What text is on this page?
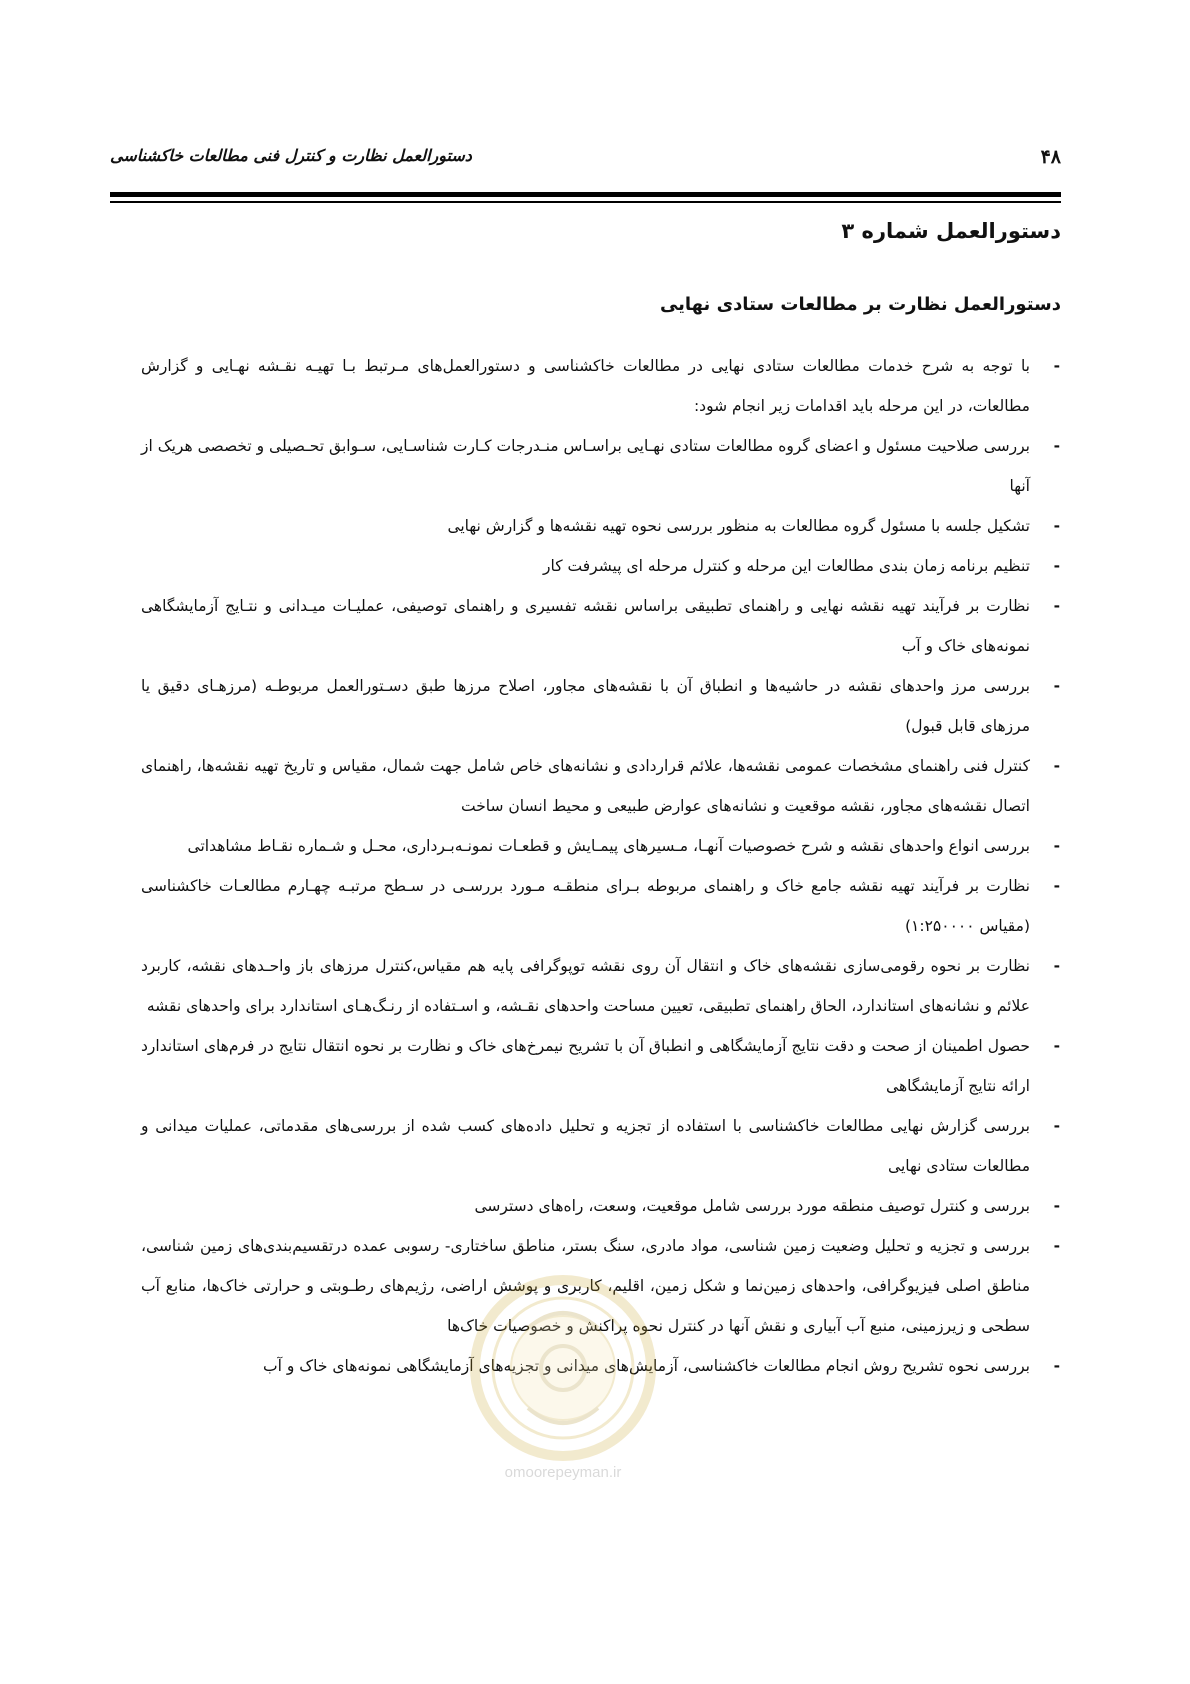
۴۸
دستورالعمل نظارت و کنترل فنی مطالعات خاکشناسی
دستورالعمل شماره ۳
دستورالعمل نظارت بر مطالعات ستادی نهایی
-
با توجه به شرح خدمات مطالعات ستادی نهایی در مطالعات خاکشناسی و دستورالعمل‌های مـرتبط بـا تهیـه نقـشه نهـایی و گزارش مطالعات، در این مرحله باید اقدامات زیر انجام شود:
-
بررسی صلاحیت مسئول و اعضای گروه مطالعات ستادی نهـایی براسـاس منـدرجات کـارت شناسـایی، سـوابق تحـصیلی و تخصصی هریک از آنها
-
تشکیل جلسه با مسئول گروه مطالعات به منظور بررسی نحوه تهیه نقشه‌ها و گزارش نهایی
-
تنظیم برنامه زمان بندی مطالعات این مرحله و کنترل مرحله ای پیشرفت کار
-
نظارت بر فرآیند تهیه نقشه نهایی و راهنمای تطبیقی براساس نقشه تفسیری و راهنمای توصیفی، عملیـات میـدانی و نتـایج آزمایشگاهی نمونه‌های خاک و آب
-
بررسی مرز واحدهای نقشه در حاشیه‌ها و انطباق آن با نقشه‌های مجاور، اصلاح مرزها طبق دسـتورالعمل مربوطـه (مرزهـای دقیق یا مرزهای قابل قبول)
-
کنترل فنی راهنمای مشخصات عمومی نقشه‌ها، علائم قراردادی و نشانه‌های خاص شامل جهت شمال، مقیاس و تاریخ تهیه نقشه‌ها، راهنمای اتصال نقشه‌های مجاور، نقشه موقعیت و نشانه‌های عوارض طبیعی و محیط انسان ساخت
-
بررسی انواع واحدهای نقشه و شرح خصوصیات آنهـا، مـسیرهای پیمـایش و قطعـات نمونـه‌بـرداری، محـل و شـماره نقـاط مشاهداتی
-
نظارت بر فرآیند تهیه نقشه جامع خاک و راهنمای مربوطه بـرای منطقـه مـورد بررسـی در سـطح مرتبـه چهـارم مطالعـات خاکشناسی (مقیاس ۱:۲۵۰۰۰۰)
-
نظارت بر نحوه رقومی‌سازی نقشه‌های خاک و انتقال آن روی نقشه توپوگرافی پایه هم مقیاس،کنترل مرزهای باز واحـدهای نقشه، کاربرد علائم و نشانه‌های استاندارد، الحاق راهنمای تطبیقی، تعیین مساحت واحدهای نقـشه، و اسـتفاده از رنـگ‌هـای استاندارد برای واحدهای نقشه
-
حصول اطمینان از صحت و دقت نتایج آزمایشگاهی و انطباق آن با تشریح نیمرخ‌های خاک و نظارت بر نحوه انتقال نتایج در فرم‌های استاندارد ارائه نتایج آزمایشگاهی
-
بررسی گزارش نهایی مطالعات خاکشناسی با استفاده از تجزیه و تحلیل داده‌های کسب شده از بررسی‌های مقدماتی، عملیات میدانی و مطالعات ستادی نهایی
-
بررسی و کنترل توصیف منطقه مورد بررسی شامل موقعیت، وسعت، راه‌های دسترسی
-
بررسی و تجزیه و تحلیل وضعیت زمین شناسی، مواد مادری، سنگ بستر، مناطق ساختاری- رسوبی عمده درتقسیم‌بندی‌های زمین شناسی، مناطق اصلی فیزیوگرافی، واحدهای زمین‌نما و شکل زمین، اقلیم، کاربری و پوشش اراضی، رژیم‌های رطـوبتی و حرارتی خاک‌ها، منابع آب سطحی و زیرزمینی، منبع آب آبیاری و نقش آنها در کنترل نحوه پراکنش و خصوصیات خاک‌ها
-
بررسی نحوه تشریح روش انجام مطالعات خاکشناسی، آزمایش‌های میدانی و تجزیه‌های آزمایشگاهی نمونه‌های خاک و آب
omoorepeyman.ir
